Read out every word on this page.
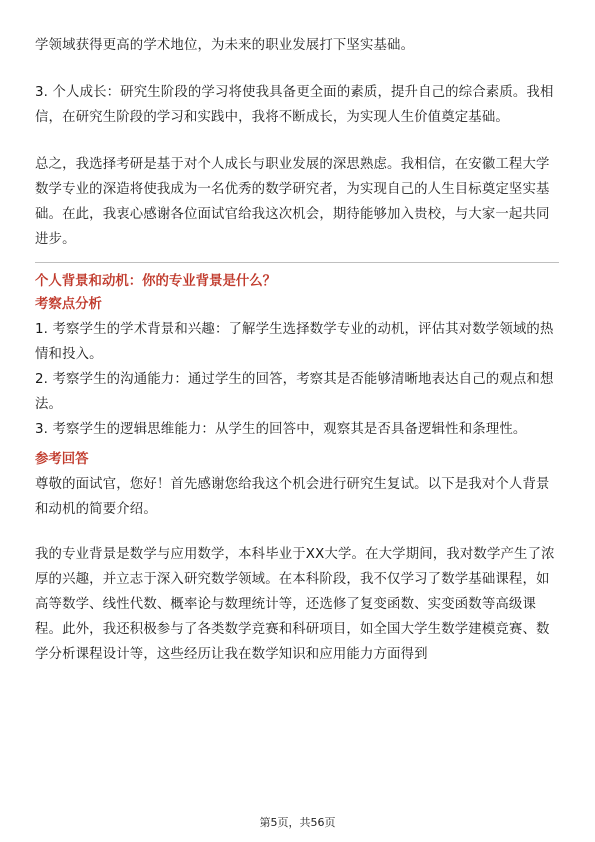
学领域获得更高的学术地位，为未来的职业发展打下坚实基础。

3. 个人成长：研究生阶段的学习将使我具备更全面的素质，提升自己的综合素质。我相信，在研究生阶段的学习和实践中，我将不断成长，为实现人生价值奠定基础。

总之，我选择考研是基于对个人成长与职业发展的深思熟虑。我相信，在安徽工程大学数学专业的深造将使我成为一名优秀的数学研究者，为实现自己的人生目标奠定坚实基础。在此，我衷心感谢各位面试官给我这次机会，期待能够加入贵校，与大家一起共同进步。

个人背景和动机：你的专业背景是什么？
考察点分析

1. 考察学生的学术背景和兴趣：了解学生选择数学专业的动机，评估其对数学领域的热情和投入。

2. 考察学生的沟通能力：通过学生的回答，考察其是否能够清晰地表达自己的观点和想法。

3. 考察学生的逻辑思维能力：从学生的回答中，观察其是否具备逻辑性和条理性。

参考回答

尊敬的面试官，您好！首先感谢您给我这个机会进行研究生复试。以下是我对个人背景和动机的简要介绍。

我的专业背景是数学与应用数学，本科毕业于XX大学。在大学期间，我对数学产生了浓厚的兴趣，并立志于深入研究数学领域。在本科阶段，我不仅学习了数学基础课程，如高等数学、线性代数、概率论与数理统计等，还选修了复变函数、实变函数等高级课程。此外，我还积极参与了各类数学竞赛和科研项目，如全国大学生数学建模竞赛、数学分析课程设计等，这些经历让我在数学知识和应用能力方面得到

第5页，共56页
